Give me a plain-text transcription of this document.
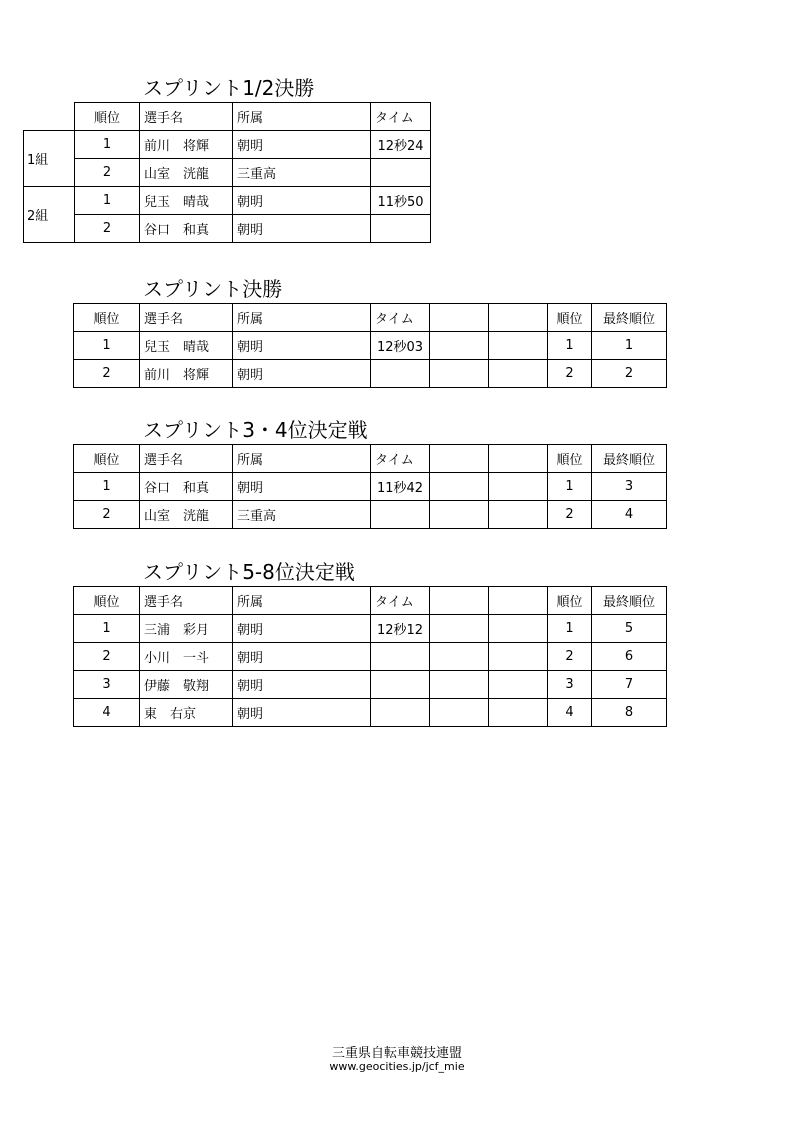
スプリント1/2決勝
	順位	選手名	所属	タイム
1組	1	前川　将輝	朝明	12秒24
	2	山室　洸龍	三重高	
2組	1	兒玉　晴哉	朝明	11秒50
	2	谷口　和真	朝明	
スプリント決勝
順位	選手名	所属	タイム			順位	最終順位
1	兒玉　晴哉	朝明	12秒03			1	1
2	前川　将輝	朝明				2	2
スプリント3・4位決定戦
順位	選手名	所属	タイム			順位	最終順位
1	谷口　和真	朝明	11秒42			1	3
2	山室　洸龍	三重高				2	4
スプリント5-8位決定戦
順位	選手名	所属	タイム			順位	最終順位
1	三浦　彩月	朝明	12秒12			1	5
2	小川　一斗	朝明				2	6
3	伊藤　敬翔	朝明				3	7
4	東　右京	朝明				4	8
三重県自転車競技連盟
www.geocities.jp/jcf_mie
